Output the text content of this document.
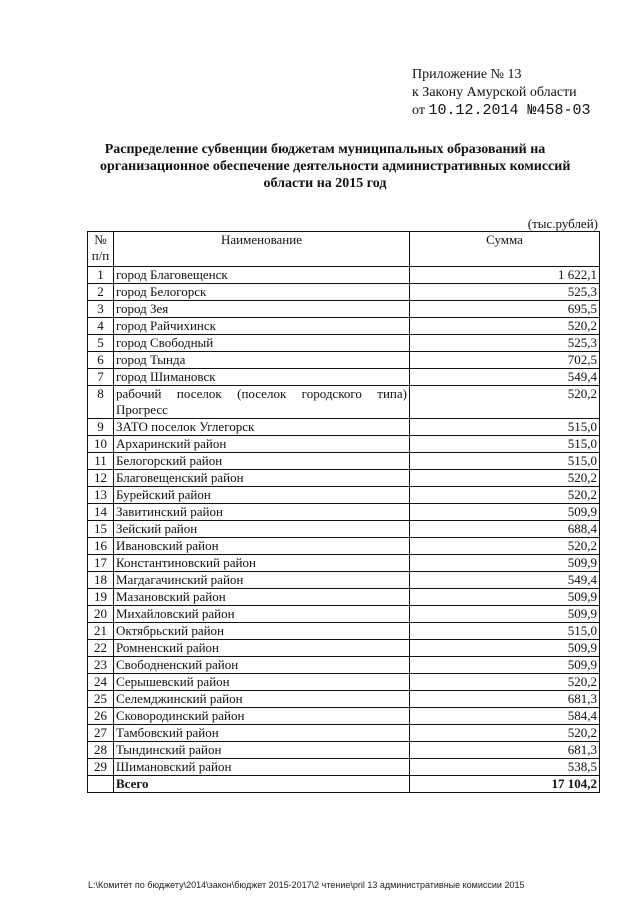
Приложение № 13
к Закону Амурской области
от 10.12.2014 №458-03
Распределение субвенции бюджетам муниципальных образований на
организационное обеспечение деятельности административных комиссий
области на 2015 год
(тыс.рублей)
№
п/п	Наименование	Сумма
1	город Благовещенск	1 622,1
2	город Белогорск	525,3
3	город Зея	695,5
4	город Райчихинск	520,2
5	город Свободный	525,3
6	город Тында	702,5
7	город Шимановск	549,4
8	рабочий поселок (поселок городского типа) Прогресс	520,2
9	ЗАТО поселок Углегорск	515,0
10	Архаринский район	515,0
11	Белогорский район	515,0
12	Благовещенский район	520,2
13	Бурейский район	520,2
14	Завитинский район	509,9
15	Зейский район	688,4
16	Ивановский район	520,2
17	Константиновский район	509,9
18	Магдагачинский район	549,4
19	Мазановский район	509,9
20	Михайловский район	509,9
21	Октябрьский район	515,0
22	Ромненский район	509,9
23	Свободненский район	509,9
24	Серышевский район	520,2
25	Селемджинский район	681,3
26	Сковородинский район	584,4
27	Тамбовский район	520,2
28	Тындинский район	681,3
29	Шимановский район	538,5
	Всего	17 104,2
L:\Комитет по бюджету\2014\закон\бюджет 2015-2017\2 чтение\pril 13 административные комиссии 2015
